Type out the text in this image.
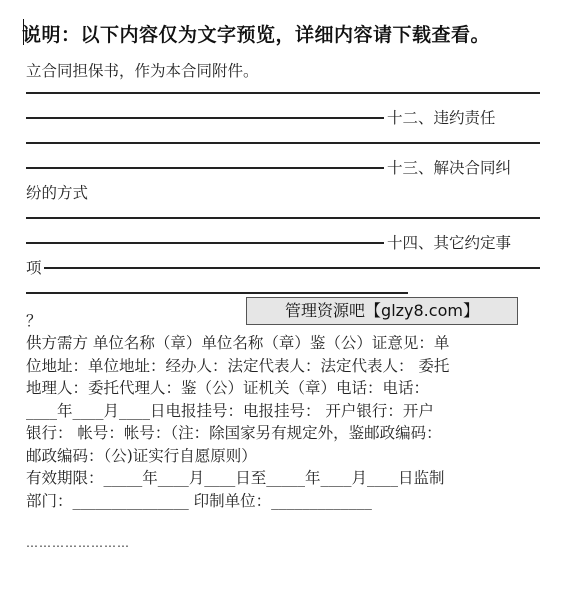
说明：以下内容仅为文字预览，详细内容请下载查看。
立合同担保书，作为本合同附件。
十二、违约责任
十三、解决合同纠
纷的方式
十四、其它约定事
项
？
管理资源吧【glzy8.com】
供方需方 单位名称（章）单位名称（章）鉴（公）证意见：单
位地址：单位地址：经办人：法定代表人：法定代表人： 委托
地理人：委托代理人：鉴（公）证机关（章）电话：电话：
____年____月____日电报挂号：电报挂号： 开户银行：开户
银行： 帐号：帐号：（注：除国家另有规定外，鉴邮政编码：
邮政编码：（公)证实行自愿原则）
有效期限：_____年____月____日至_____年____月____日监制
部门：_______________ 印制单位：_____________
……………………
